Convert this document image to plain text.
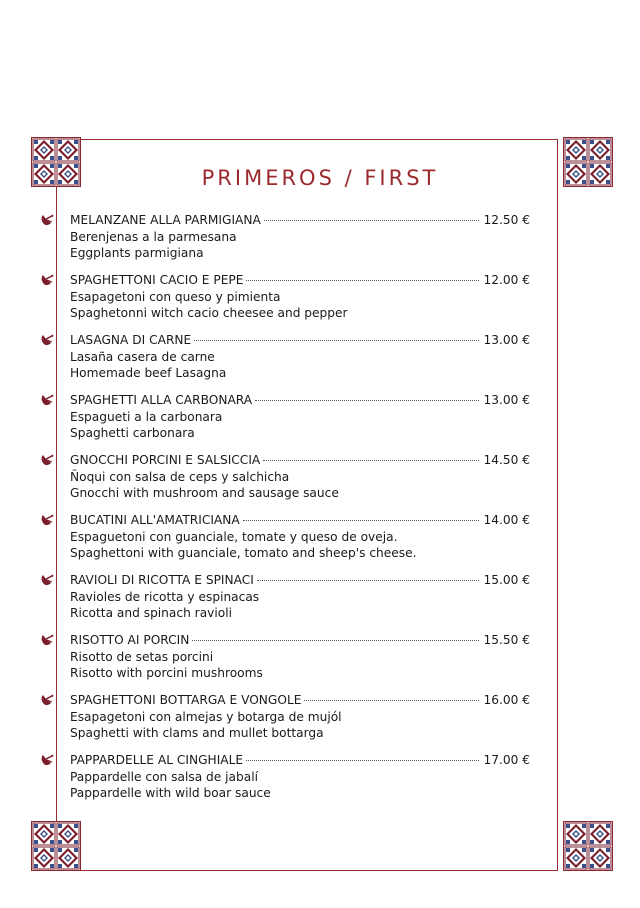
PRIMEROS / FIRST
MELANZANE ALLA PARMIGIANA	12.50 €
Berenjenas a la parmesana
Eggplants parmigiana
SPAGHETTONI CACIO E PEPE	12.00 €
Esapagetoni con queso y pimienta
Spaghetonni witch cacio cheesee and pepper
LASAGNA DI CARNE	13.00 €
Lasaña casera de carne
Homemade beef Lasagna
SPAGHETTI ALLA CARBONARA	13.00 €
Espagueti a la carbonara
Spaghetti carbonara
GNOCCHI PORCINI E SALSICCIA	14.50 €
Ñoqui con salsa de ceps y salchicha
Gnocchi with mushroom and sausage sauce
BUCATINI ALL'AMATRICIANA	14.00 €
Espaguetoni con guanciale, tomate y queso de oveja.
Spaghettoni with guanciale, tomato and sheep's cheese.
RAVIOLI DI RICOTTA E SPINACI	15.00 €
Ravioles de ricotta y espinacas
Ricotta and spinach ravioli
RISOTTO AI PORCIN	15.50 €
Risotto de setas porcini
Risotto with porcini mushrooms
SPAGHETTONI BOTTARGA E VONGOLE	16.00 €
Esapagetoni con almejas y botarga de mujól
Spaghetti with clams and mullet bottarga
PAPPARDELLE AL CINGHIALE	17.00 €
Pappardelle con salsa de jabalí
Pappardelle with wild boar sauce
